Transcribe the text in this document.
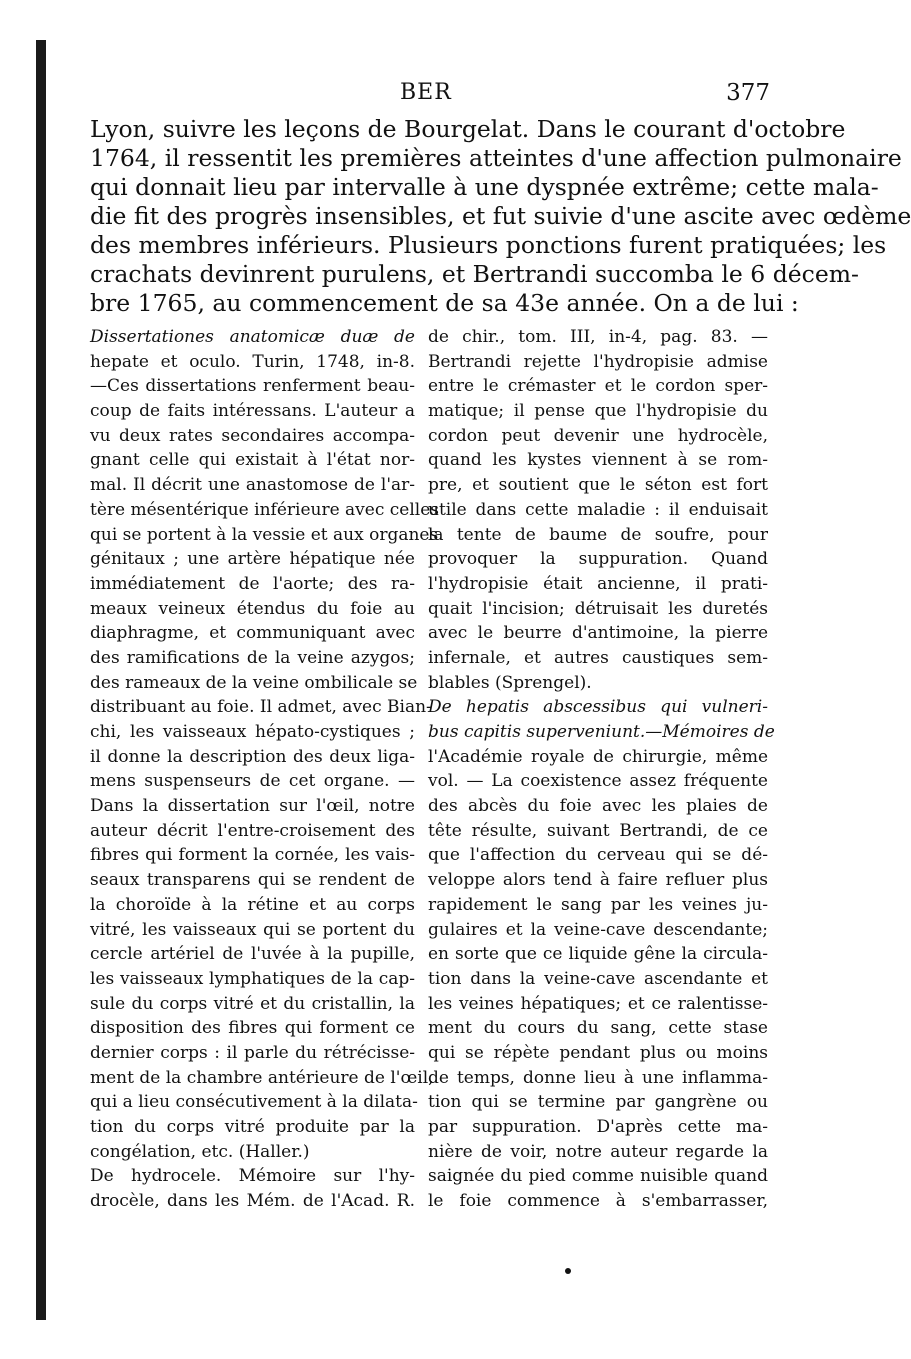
BER	377
Lyon, suivre les leçons de Bourgelat. Dans le courant d'octobre
1764, il ressentit les premières atteintes d'une affection pulmonaire
qui donnait lieu par intervalle à une dyspnée extrême; cette mala-
die fit des progrès insensibles, et fut suivie d'une ascite avec œdème
des membres inférieurs. Plusieurs ponctions furent pratiquées; les
crachats devinrent purulens, et Bertrandi succomba le 6 décem-
bre 1765, au commencement de sa 43e année. On a de lui :
Dissertationes anatomicæ duæ de
hepate et oculo. Turin, 1748, in-8.
—Ces dissertations renferment beau-
coup de faits intéressans. L'auteur a
vu deux rates secondaires accompa-
gnant celle qui existait à l'état nor-
mal. Il décrit une anastomose de l'ar-
tère mésentérique inférieure avec celles
qui se portent à la vessie et aux organes
génitaux ; une artère hépatique née
immédiatement de l'aorte; des ra-
meaux veineux étendus du foie au
diaphragme, et communiquant avec
des ramifications de la veine azygos;
des rameaux de la veine ombilicale se
distribuant au foie. Il admet, avec Bian-
chi, les vaisseaux hépato-cystiques ;
il donne la description des deux liga-
mens suspenseurs de cet organe. —
Dans la dissertation sur l'œil, notre
auteur décrit l'entre-croisement des
fibres qui forment la cornée, les vais-
seaux transparens qui se rendent de
la choroïde à la rétine et au corps
vitré, les vaisseaux qui se portent du
cercle artériel de l'uvée à la pupille,
les vaisseaux lymphatiques de la cap-
sule du corps vitré et du cristallin, la
disposition des fibres qui forment ce
dernier corps : il parle du rétrécisse-
ment de la chambre antérieure de l'œil,
qui a lieu consécutivement à la dilata-
tion du corps vitré produite par la
congélation, etc. (Haller.)
De hydrocele. Mémoire sur l'hy-
drocèle, dans les Mém. de l'Acad. R.
de chir., tom. III, in-4, pag. 83. —
Bertrandi rejette l'hydropisie admise
entre le crémaster et le cordon sper-
matique; il pense que l'hydropisie du
cordon peut devenir une hydrocèle,
quand les kystes viennent à se rom-
pre, et soutient que le séton est fort
utile dans cette maladie : il enduisait
la tente de baume de soufre, pour
provoquer la suppuration. Quand
l'hydropisie était ancienne, il prati-
quait l'incision; détruisait les duretés
avec le beurre d'antimoine, la pierre
infernale, et autres caustiques sem-
blables (Sprengel).
De hepatis abscessibus qui vulneri-
bus capitis superveniunt.—Mémoires de
l'Académie royale de chirurgie, même
vol. — La coexistence assez fréquente
des abcès du foie avec les plaies de
tête résulte, suivant Bertrandi, de ce
que l'affection du cerveau qui se dé-
veloppe alors tend à faire refluer plus
rapidement le sang par les veines ju-
gulaires et la veine-cave descendante;
en sorte que ce liquide gêne la circula-
tion dans la veine-cave ascendante et
les veines hépatiques; et ce ralentisse-
ment du cours du sang, cette stase
qui se répète pendant plus ou moins
de temps, donne lieu à une inflamma-
tion qui se termine par gangrène ou
par suppuration. D'après cette ma-
nière de voir, notre auteur regarde la
saignée du pied comme nuisible quand
le foie commence à s'embarrasser,
